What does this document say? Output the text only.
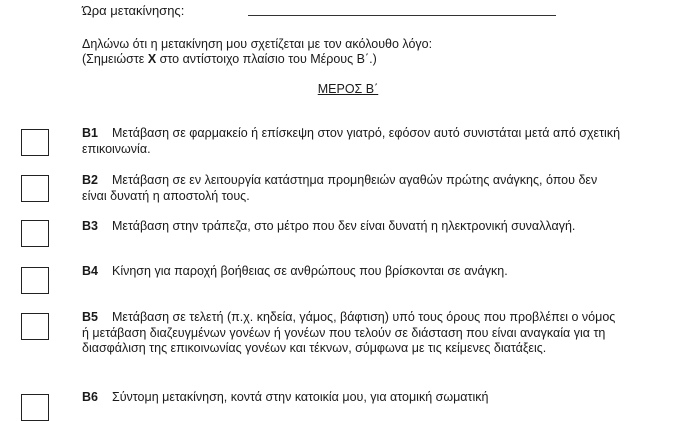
Ώρα μετακίνησης:
Δηλώνω ότι η μετακίνηση μου σχετίζεται με τον ακόλουθο λόγο:
(Σημειώστε Χ στο αντίστοιχο πλαίσιο του Μέρους Β΄.)
ΜΕΡΟΣ Β΄
Β1 Μετάβαση σε φαρμακείο ή επίσκεψη στον γιατρό, εφόσον αυτό συνιστάται μετά από σχετική επικοινωνία.
Β2 Μετάβαση σε εν λειτουργία κατάστημα προμηθειών αγαθών πρώτης ανάγκης, όπου δεν είναι δυνατή η αποστολή τους.
Β3 Μετάβαση στην τράπεζα, στο μέτρο που δεν είναι δυνατή η ηλεκτρονική συναλλαγή.
Β4 Κίνηση για παροχή βοήθειας σε ανθρώπους που βρίσκονται σε ανάγκη.
Β5 Μετάβαση σε τελετή (π.χ. κηδεία, γάμος, βάφτιση) υπό τους όρους που προβλέπει ο νόμος ή μετάβαση διαζευγμένων γονέων ή γονέων που τελούν σε διάσταση που είναι αναγκαία για τη διασφάλιση της επικοινωνίας γονέων και τέκνων, σύμφωνα με τις κείμενες διατάξεις.
Β6 Σύντομη μετακίνηση, κοντά στην κατοικία μου, για ατομική σωματική
